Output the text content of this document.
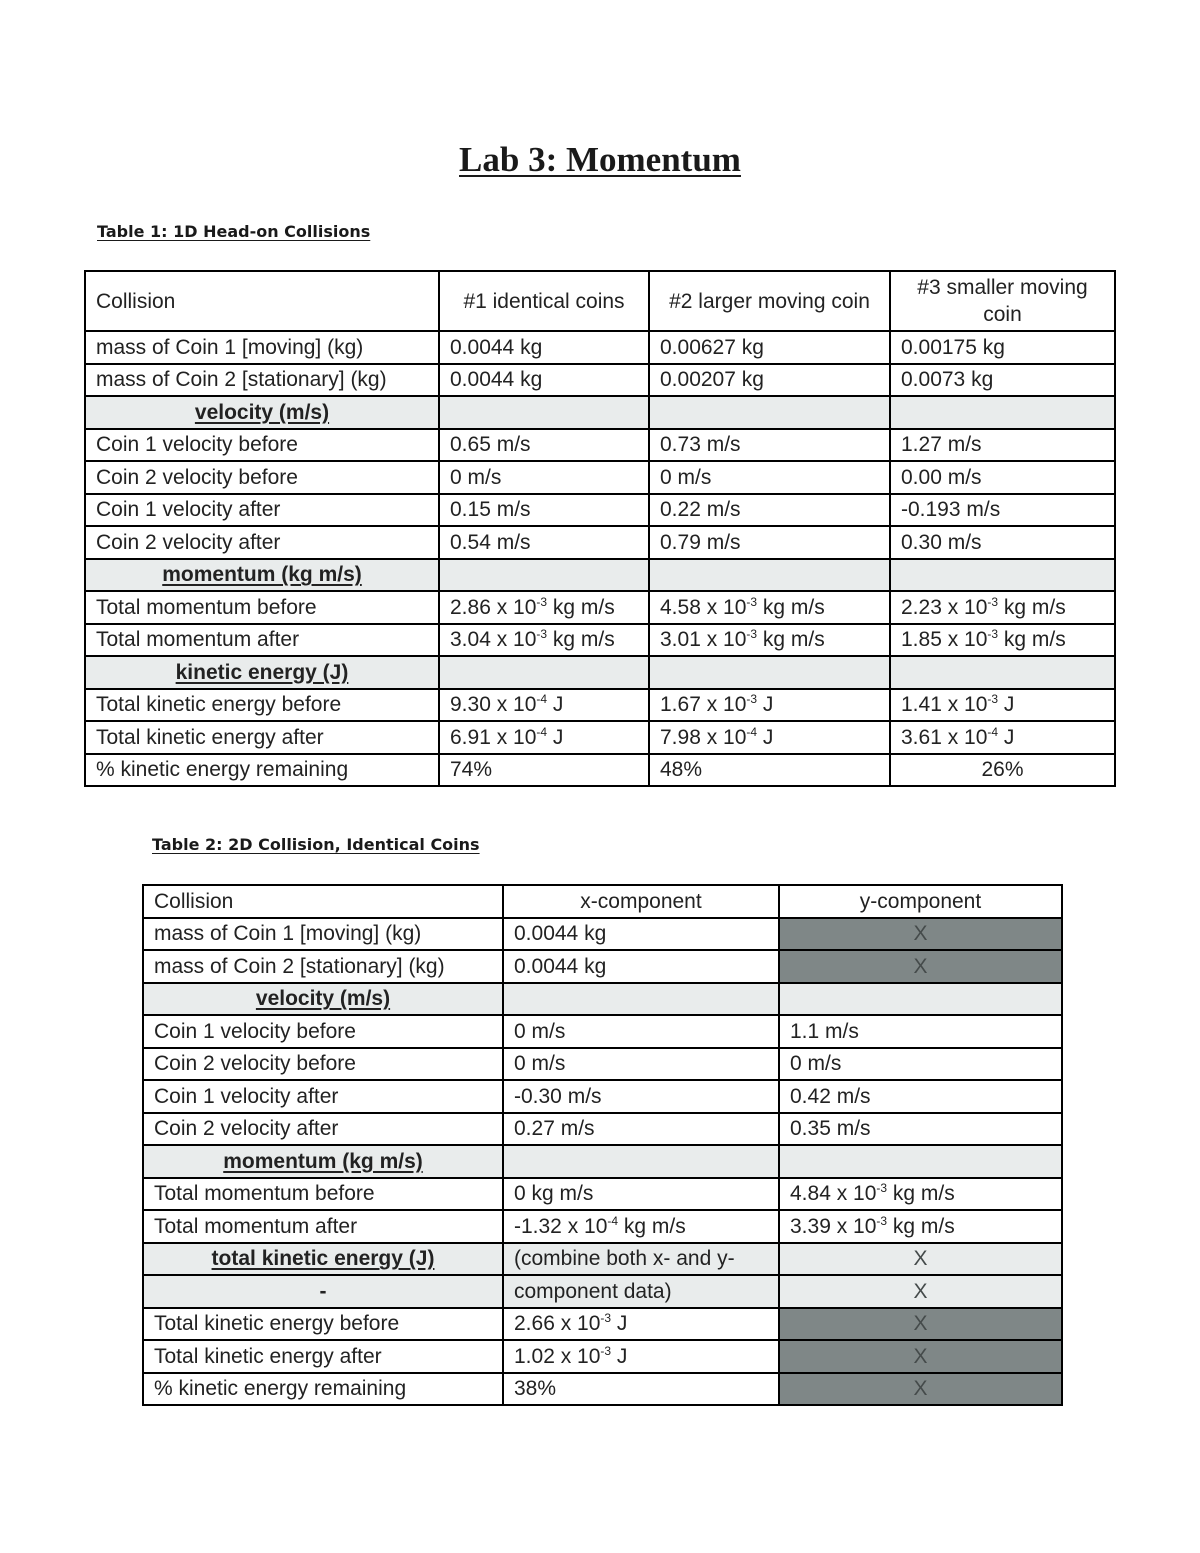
Lab 3: Momentum
Table 1: 1D Head-on Collisions
Collision	#1 identical coins	#2 larger moving coin	#3 smaller moving coin
mass of Coin 1 [moving] (kg)	0.0044 kg	0.00627 kg	0.00175 kg
mass of Coin 2 [stationary] (kg)	0.0044 kg	0.00207 kg	0.0073 kg
velocity (m/s)			
Coin 1 velocity before	0.65 m/s	0.73 m/s	1.27 m/s
Coin 2 velocity before	0 m/s	0 m/s	0.00 m/s
Coin 1 velocity after	0.15 m/s	0.22 m/s	-0.193 m/s
Coin 2 velocity after	0.54 m/s	0.79 m/s	0.30 m/s
momentum (kg m/s)			
Total momentum before	2.86 x $10^{-3}$ kg m/s	4.58 x $10^{-3}$ kg m/s	2.23 x $10^{-3}$ kg m/s
Total momentum after	3.04 x $10^{-3}$ kg m/s	3.01 x $10^{-3}$ kg m/s	1.85 x $10^{-3}$ kg m/s
kinetic energy (J)			
Total kinetic energy before	9.30 x $10^{-4}$ J	1.67 x $10^{-3}$ J	1.41 x $10^{-3}$ J
Total kinetic energy after	6.91 x $10^{-4}$ J	7.98 x $10^{-4}$ J	3.61 x $10^{-4}$ J
% kinetic energy remaining	74%	48%	26%
Table 2: 2D Collision, Identical Coins
Collision	x-component	y-component
mass of Coin 1 [moving] (kg)	0.0044 kg	X
mass of Coin 2 [stationary] (kg)	0.0044 kg	X
velocity (m/s)		
Coin 1 velocity before	0 m/s	1.1 m/s
Coin 2 velocity before	0 m/s	0 m/s
Coin 1 velocity after	-0.30 m/s	0.42 m/s
Coin 2 velocity after	0.27 m/s	0.35 m/s
momentum (kg m/s)		
Total momentum before	0 kg m/s	4.84 x $10^{-3}$ kg m/s
Total momentum after	-1.32 x $10^{-4}$ kg m/s	3.39 x $10^{-3}$ kg m/s
total kinetic energy (J)	(combine both x- and y-	X
-	component data)	X
Total kinetic energy before	2.66 x $10^{-3}$ J	X
Total kinetic energy after	1.02 x $10^{-3}$ J	X
% kinetic energy remaining	38%	X
